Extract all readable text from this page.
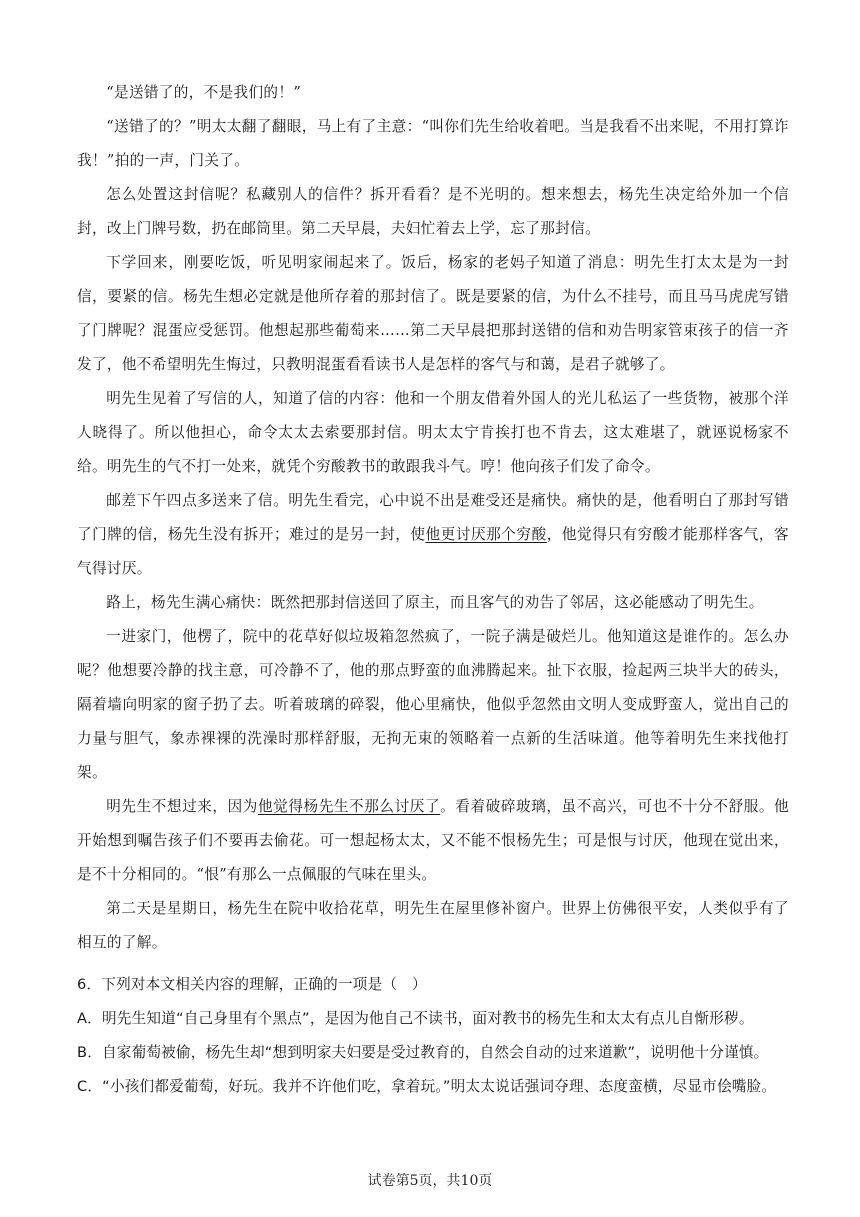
“是送错了的，不是我们的！”

“送错了的？”明太太翻了翻眼，马上有了主意：“叫你们先生给收着吧。当是我看不出来呢，不用打算诈我！”拍的一声，门关了。

怎么处置这封信呢？私藏别人的信件？拆开看看？是不光明的。想来想去，杨先生决定给外加一个信封，改上门牌号数，扔在邮筒里。第二天早晨，夫妇忙着去上学，忘了那封信。

下学回来，刚要吃饭，听见明家闹起来了。饭后，杨家的老妈子知道了消息：明先生打太太是为一封信，要紧的信。杨先生想必定就是他所存着的那封信了。既是要紧的信，为什么不挂号，而且马马虎虎写错了门牌呢？混蛋应受惩罚。他想起那些葡萄来……第二天早晨把那封送错的信和劝告明家管束孩子的信一齐发了，他不希望明先生悔过，只教明混蛋看看读书人是怎样的客气与和蔼，是君子就够了。

明先生见着了写信的人，知道了信的内容：他和一个朋友借着外国人的光儿私运了一些货物，被那个洋人晓得了。所以他担心，命令太太去索要那封信。明太太宁肯挨打也不肯去，这太难堪了，就诬说杨家不给。明先生的气不打一处来，就凭个穷酸教书的敢跟我斗气。哼！他向孩子们发了命令。

邮差下午四点多送来了信。明先生看完，心中说不出是难受还是痛快。痛快的是，他看明白了那封写错了门牌的信，杨先生没有拆开；难过的是另一封，使他更讨厌那个穷酸，他觉得只有穷酸才能那样客气，客气得讨厌。

路上，杨先生满心痛快：既然把那封信送回了原主，而且客气的劝告了邻居，这必能感动了明先生。

一进家门，他楞了，院中的花草好似垃圾箱忽然疯了，一院子满是破烂儿。他知道这是谁作的。怎么办呢？他想要冷静的找主意，可冷静不了，他的那点野蛮的血沸腾起来。扯下衣服，捡起两三块半大的砖头，隔着墙向明家的窗子扔了去。听着玻璃的碎裂，他心里痛快，他似乎忽然由文明人变成野蛮人，觉出自己的力量与胆气，象赤裸裸的洗澡时那样舒服，无拘无束的领略着一点新的生活味道。他等着明先生来找他打架。

明先生不想过来，因为他觉得杨先生不那么讨厌了。看着破碎玻璃，虽不高兴，可也不十分不舒服。他开始想到嘱告孩子们不要再去偷花。可一想起杨太太，又不能不恨杨先生；可是恨与讨厌，他现在觉出来，是不十分相同的。“恨”有那么一点佩服的气味在里头。

第二天是星期日，杨先生在院中收拾花草，明先生在屋里修补窗户。世界上仿佛很平安，人类似乎有了相互的了解。

6．下列对本文相关内容的理解，正确的一项是（　）

A．明先生知道“自己身里有个黑点”，是因为他自己不读书，面对教书的杨先生和太太有点儿自惭形秽。

B．自家葡萄被偷，杨先生却“想到明家夫妇要是受过教育的，自然会自动的过来道歉”，说明他十分谨慎。

C．“小孩们都爱葡萄，好玩。我并不许他们吃，拿着玩。”明太太说话强词夺理、态度蛮横，尽显市侩嘴脸。

试卷第5页，共10页
